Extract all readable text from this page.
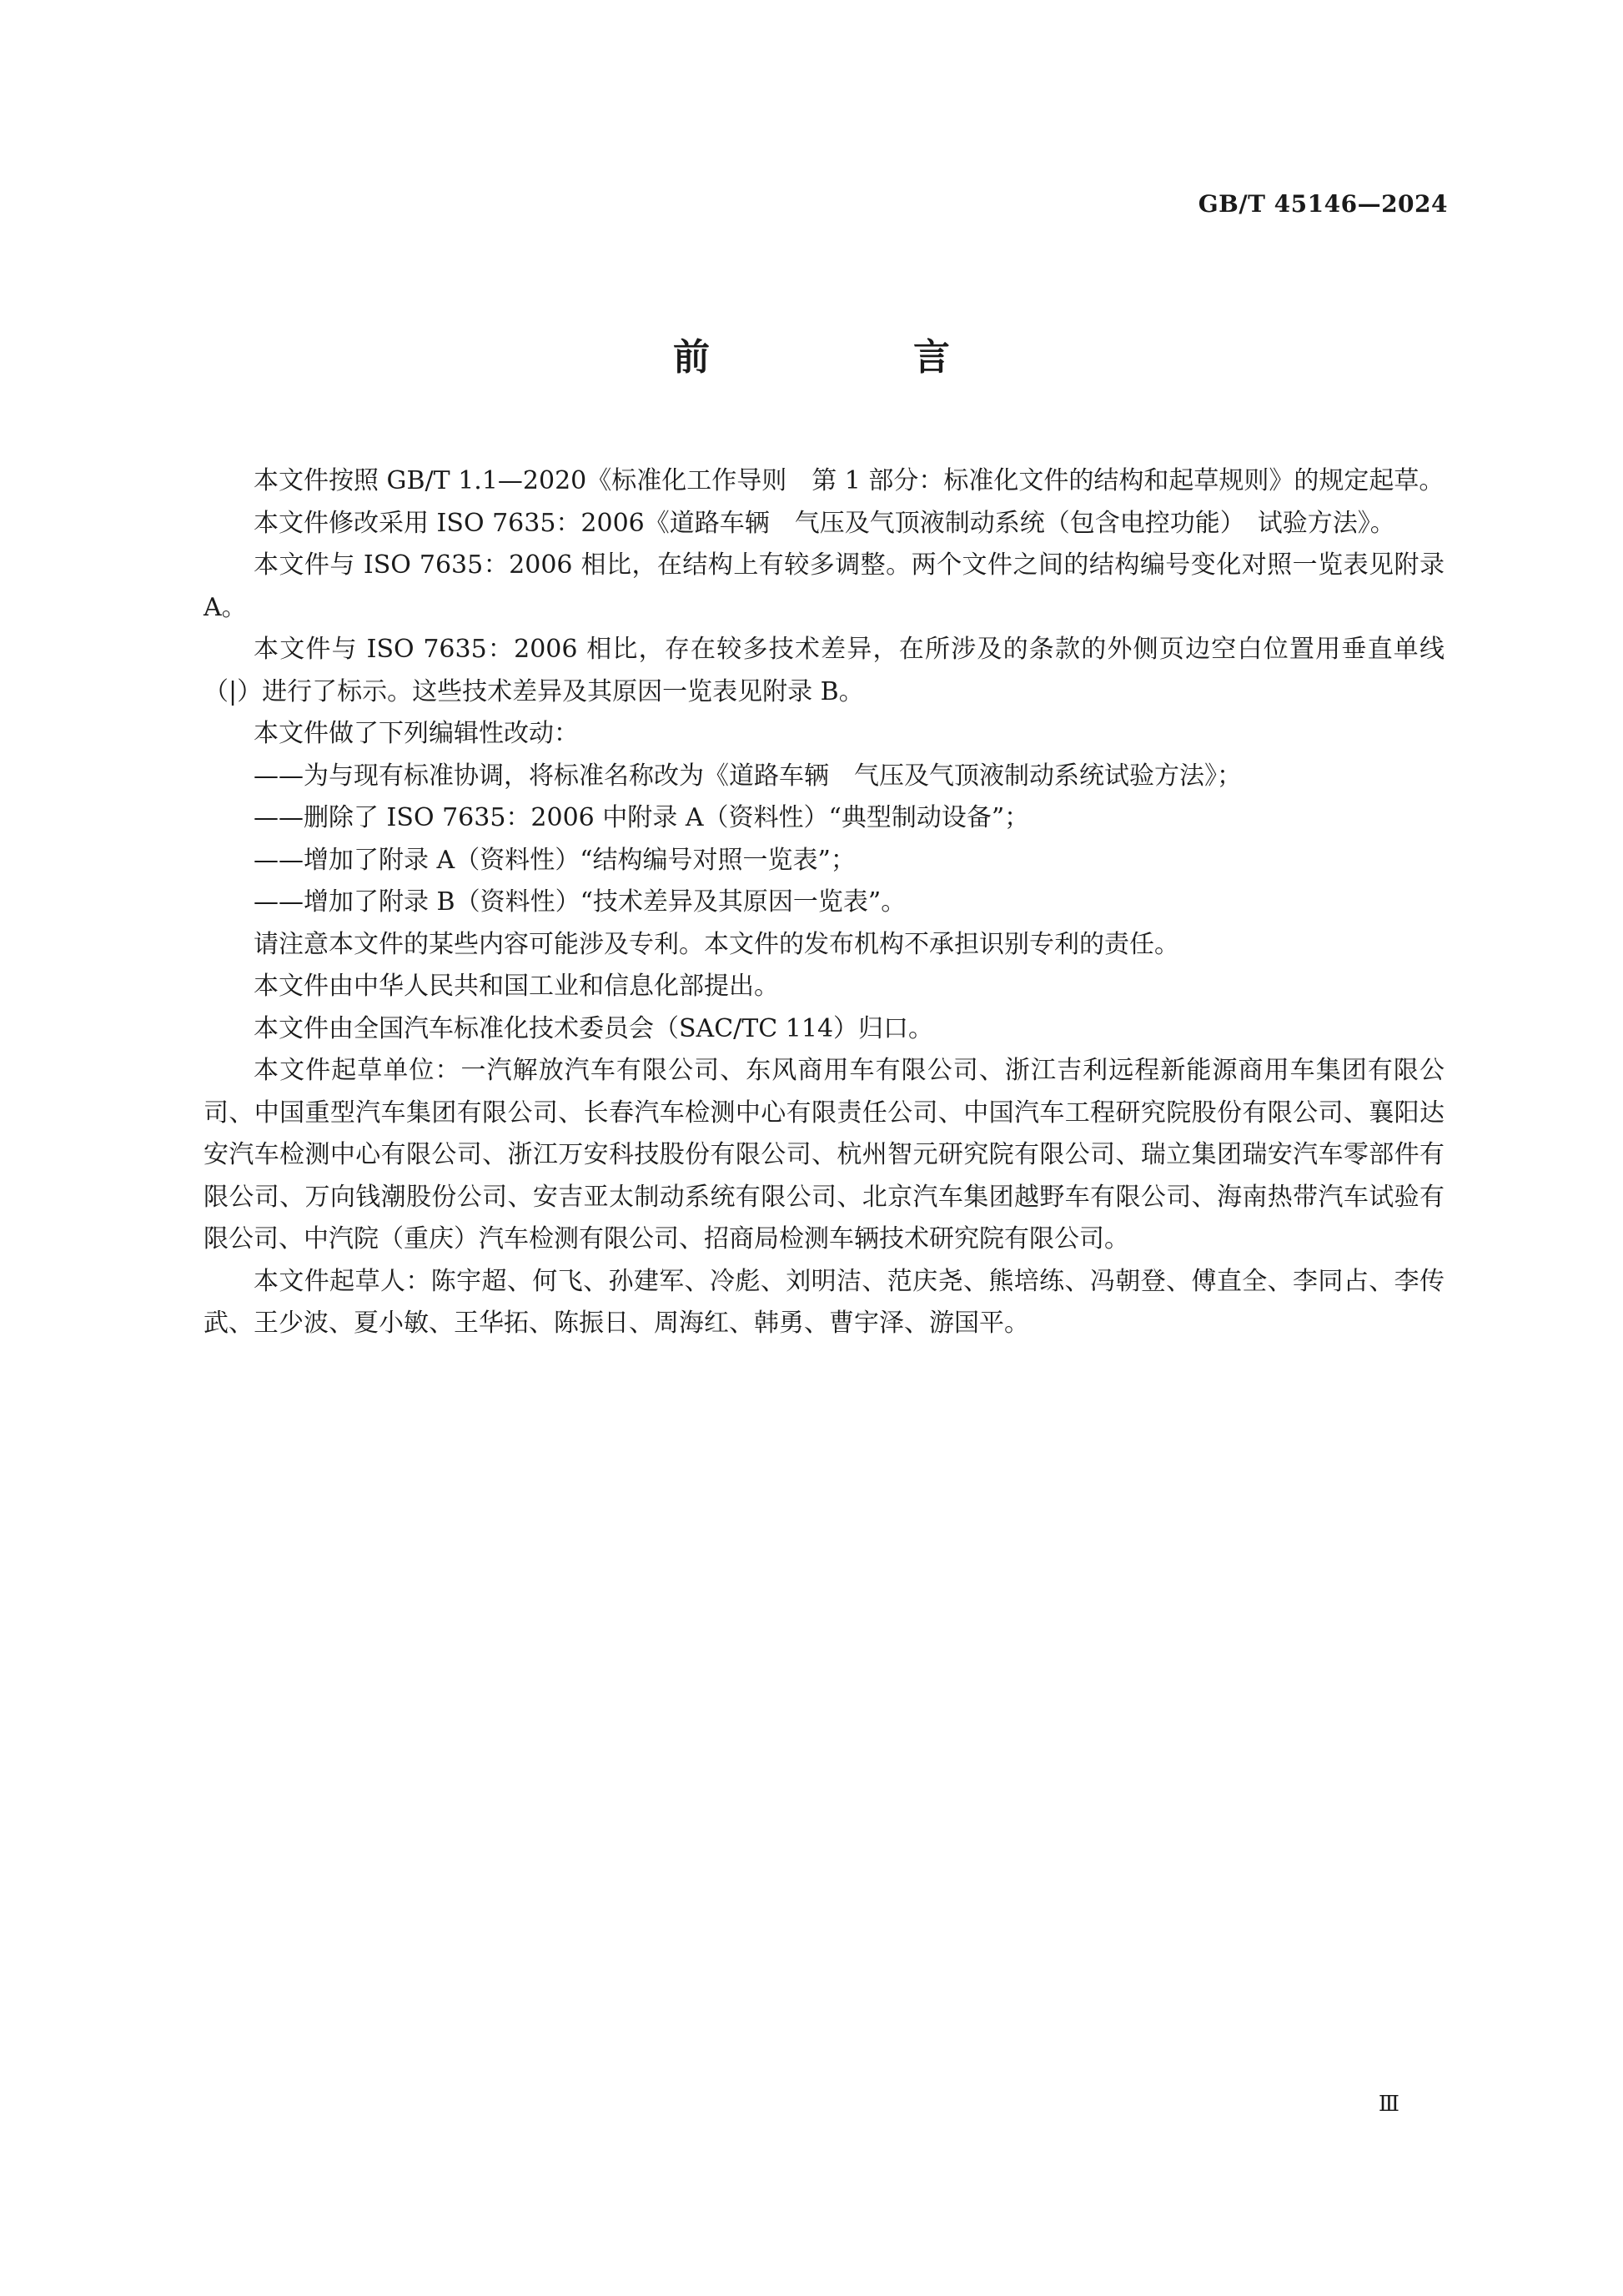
GB/T 45146—2024
前　言

本文件按照 GB/T 1.1—2020《标准化工作导则　第 1 部分：标准化文件的结构和起草规则》的规定起草。

本文件修改采用 ISO 7635：2006《道路车辆　气压及气顶液制动系统（包含电控功能）　试验方法》。

本文件与 ISO 7635：2006 相比，在结构上有较多调整。两个文件之间的结构编号变化对照一览表见附录 A。

本文件与 ISO 7635：2006 相比，存在较多技术差异，在所涉及的条款的外侧页边空白位置用垂直单线（|）进行了标示。这些技术差异及其原因一览表见附录 B。

本文件做了下列编辑性改动：

——为与现有标准协调，将标准名称改为《道路车辆　气压及气顶液制动系统试验方法》；

——删除了 ISO 7635：2006 中附录 A（资料性）“典型制动设备”；

——增加了附录 A（资料性）“结构编号对照一览表”；

——增加了附录 B（资料性）“技术差异及其原因一览表”。

请注意本文件的某些内容可能涉及专利。本文件的发布机构不承担识别专利的责任。

本文件由中华人民共和国工业和信息化部提出。

本文件由全国汽车标准化技术委员会（SAC/TC 114）归口。

本文件起草单位：一汽解放汽车有限公司、东风商用车有限公司、浙江吉利远程新能源商用车集团有限公司、中国重型汽车集团有限公司、长春汽车检测中心有限责任公司、中国汽车工程研究院股份有限公司、襄阳达安汽车检测中心有限公司、浙江万安科技股份有限公司、杭州智元研究院有限公司、瑞立集团瑞安汽车零部件有限公司、万向钱潮股份公司、安吉亚太制动系统有限公司、北京汽车集团越野车有限公司、海南热带汽车试验有限公司、中汽院（重庆）汽车检测有限公司、招商局检测车辆技术研究院有限公司。

本文件起草人：陈宇超、何飞、孙建军、冷彪、刘明洁、范庆尧、熊培练、冯朝登、傅直全、李同占、李传武、王少波、夏小敏、王华拓、陈振日、周海红、韩勇、曹宇泽、游国平。

Ⅲ
